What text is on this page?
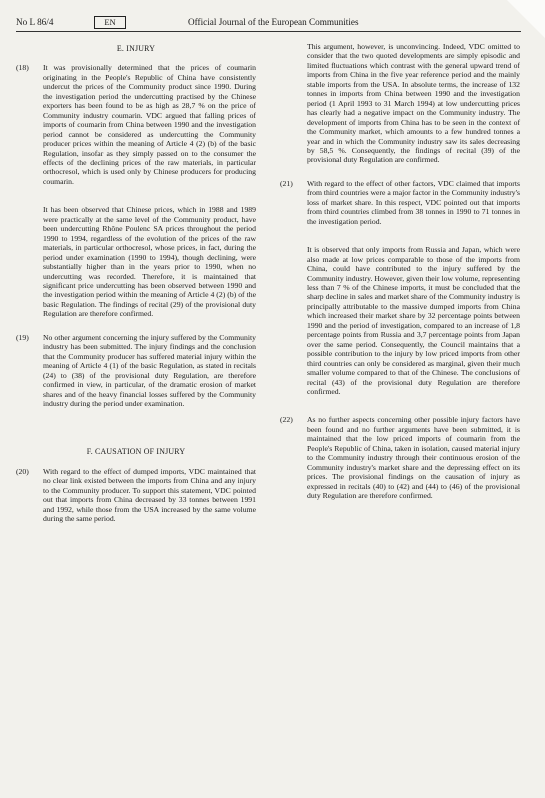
No L 86/4	EN	Official Journal of the European Communities
E. INJURY
(18) It was provisionally determined that the prices of coumarin originating in the People's Republic of China have consistently undercut the prices of the Community product since 1990. During the investigation period the undercutting practised by the Chinese exporters has been found to be as high as 28,7 % on the price of Community industry coumarin. VDC argued that falling prices of imports of coumarin from China between 1990 and the investigation period cannot be considered as undercutting the Community producer prices within the meaning of Article 4 (2) (b) of the basic Regulation, insofar as they simply passed on to the consumer the effects of the declining prices of the raw materials, in particular orthocresol, which is used only by Chinese producers for producing coumarin.
It has been observed that Chinese prices, which in 1988 and 1989 were practically at the same level of the Community product, have been undercutting Rhône Poulenc SA prices throughout the period 1990 to 1994, regardless of the evolution of the prices of the raw materials, in particular orthocresol, whose prices, in fact, during the period under examination (1990 to 1994), though declining, were substantially higher than in the years prior to 1990, when no undercutting was recorded. Therefore, it is maintained that significant price undercutting has been observed between 1990 and the investigation period within the meaning of Article 4 (2) (b) of the basic Regulation. The findings of recital (29) of the provisional duty Regulation are therefore confirmed.
(19) No other argument concerning the injury suffered by the Community industry has been submitted. The injury findings and the conclusion that the Community producer has suffered material injury within the meaning of Article 4 (1) of the basic Regulation, as stated in recitals (24) to (38) of the provisional duty Regulation, are therefore confirmed in view, in particular, of the dramatic erosion of market shares and of the heavy financial losses suffered by the Community industry during the period under examination.
F. CAUSATION OF INJURY
(20) With regard to the effect of dumped imports, VDC maintained that no clear link existed between the imports from China and any injury to the Community producer. To support this statement, VDC pointed out that imports from China decreased by 33 tonnes between 1991 and 1992, while those from the USA increased by the same volume during the same period.
This argument, however, is unconvincing. Indeed, VDC omitted to consider that the two quoted developments are simply episodic and limited fluctuations which contrast with the general upward trend of imports from China in the five year reference period and the mainly stable imports from the USA. In absolute terms, the increase of 132 tonnes in imports from China between 1990 and the investigation period (1 April 1993 to 31 March 1994) at low undercutting prices has clearly had a negative impact on the Community industry. The development of imports from China has to be seen in the context of the Community market, which amounts to a few hundred tonnes a year and in which the Community industry saw its sales decreasing by 58,5 %. Consequently, the findings of recital (39) of the provisional duty Regulation are confirmed.
(21) With regard to the effect of other factors, VDC claimed that imports from third countries were a major factor in the Community industry's loss of market share. In this respect, VDC pointed out that imports from third countries climbed from 38 tonnes in 1990 to 71 tonnes in the investigation period.
It is observed that only imports from Russia and Japan, which were also made at low prices comparable to those of the imports from China, could have contributed to the injury suffered by the Community industry. However, given their low volume, representing less than 7 % of the Chinese imports, it must be concluded that the sharp decline in sales and market share of the Community industry is principally attributable to the massive dumped imports from China which increased their market share by 32 percentage points between 1990 and the period of investigation, compared to an increase of 1,8 percentage points from Russia and 3,7 percentage points from Japan over the same period. Consequently, the Council maintains that a possible contribution to the injury by low priced imports from other third countries can only be considered as marginal, given their much smaller volume compared to that of the Chinese. The conclusions of recital (43) of the provisional duty Regulation are therefore confirmed.
(22) As no further aspects concerning other possible injury factors have been found and no further arguments have been submitted, it is maintained that the low priced imports of coumarin from the People's Republic of China, taken in isolation, caused material injury to the Community industry through their continuous erosion of the Community industry's market share and the depressing effect on its prices. The provisional findings on the causation of injury as expressed in recitals (40) to (42) and (44) to (46) of the provisional duty Regulation are therefore confirmed.
